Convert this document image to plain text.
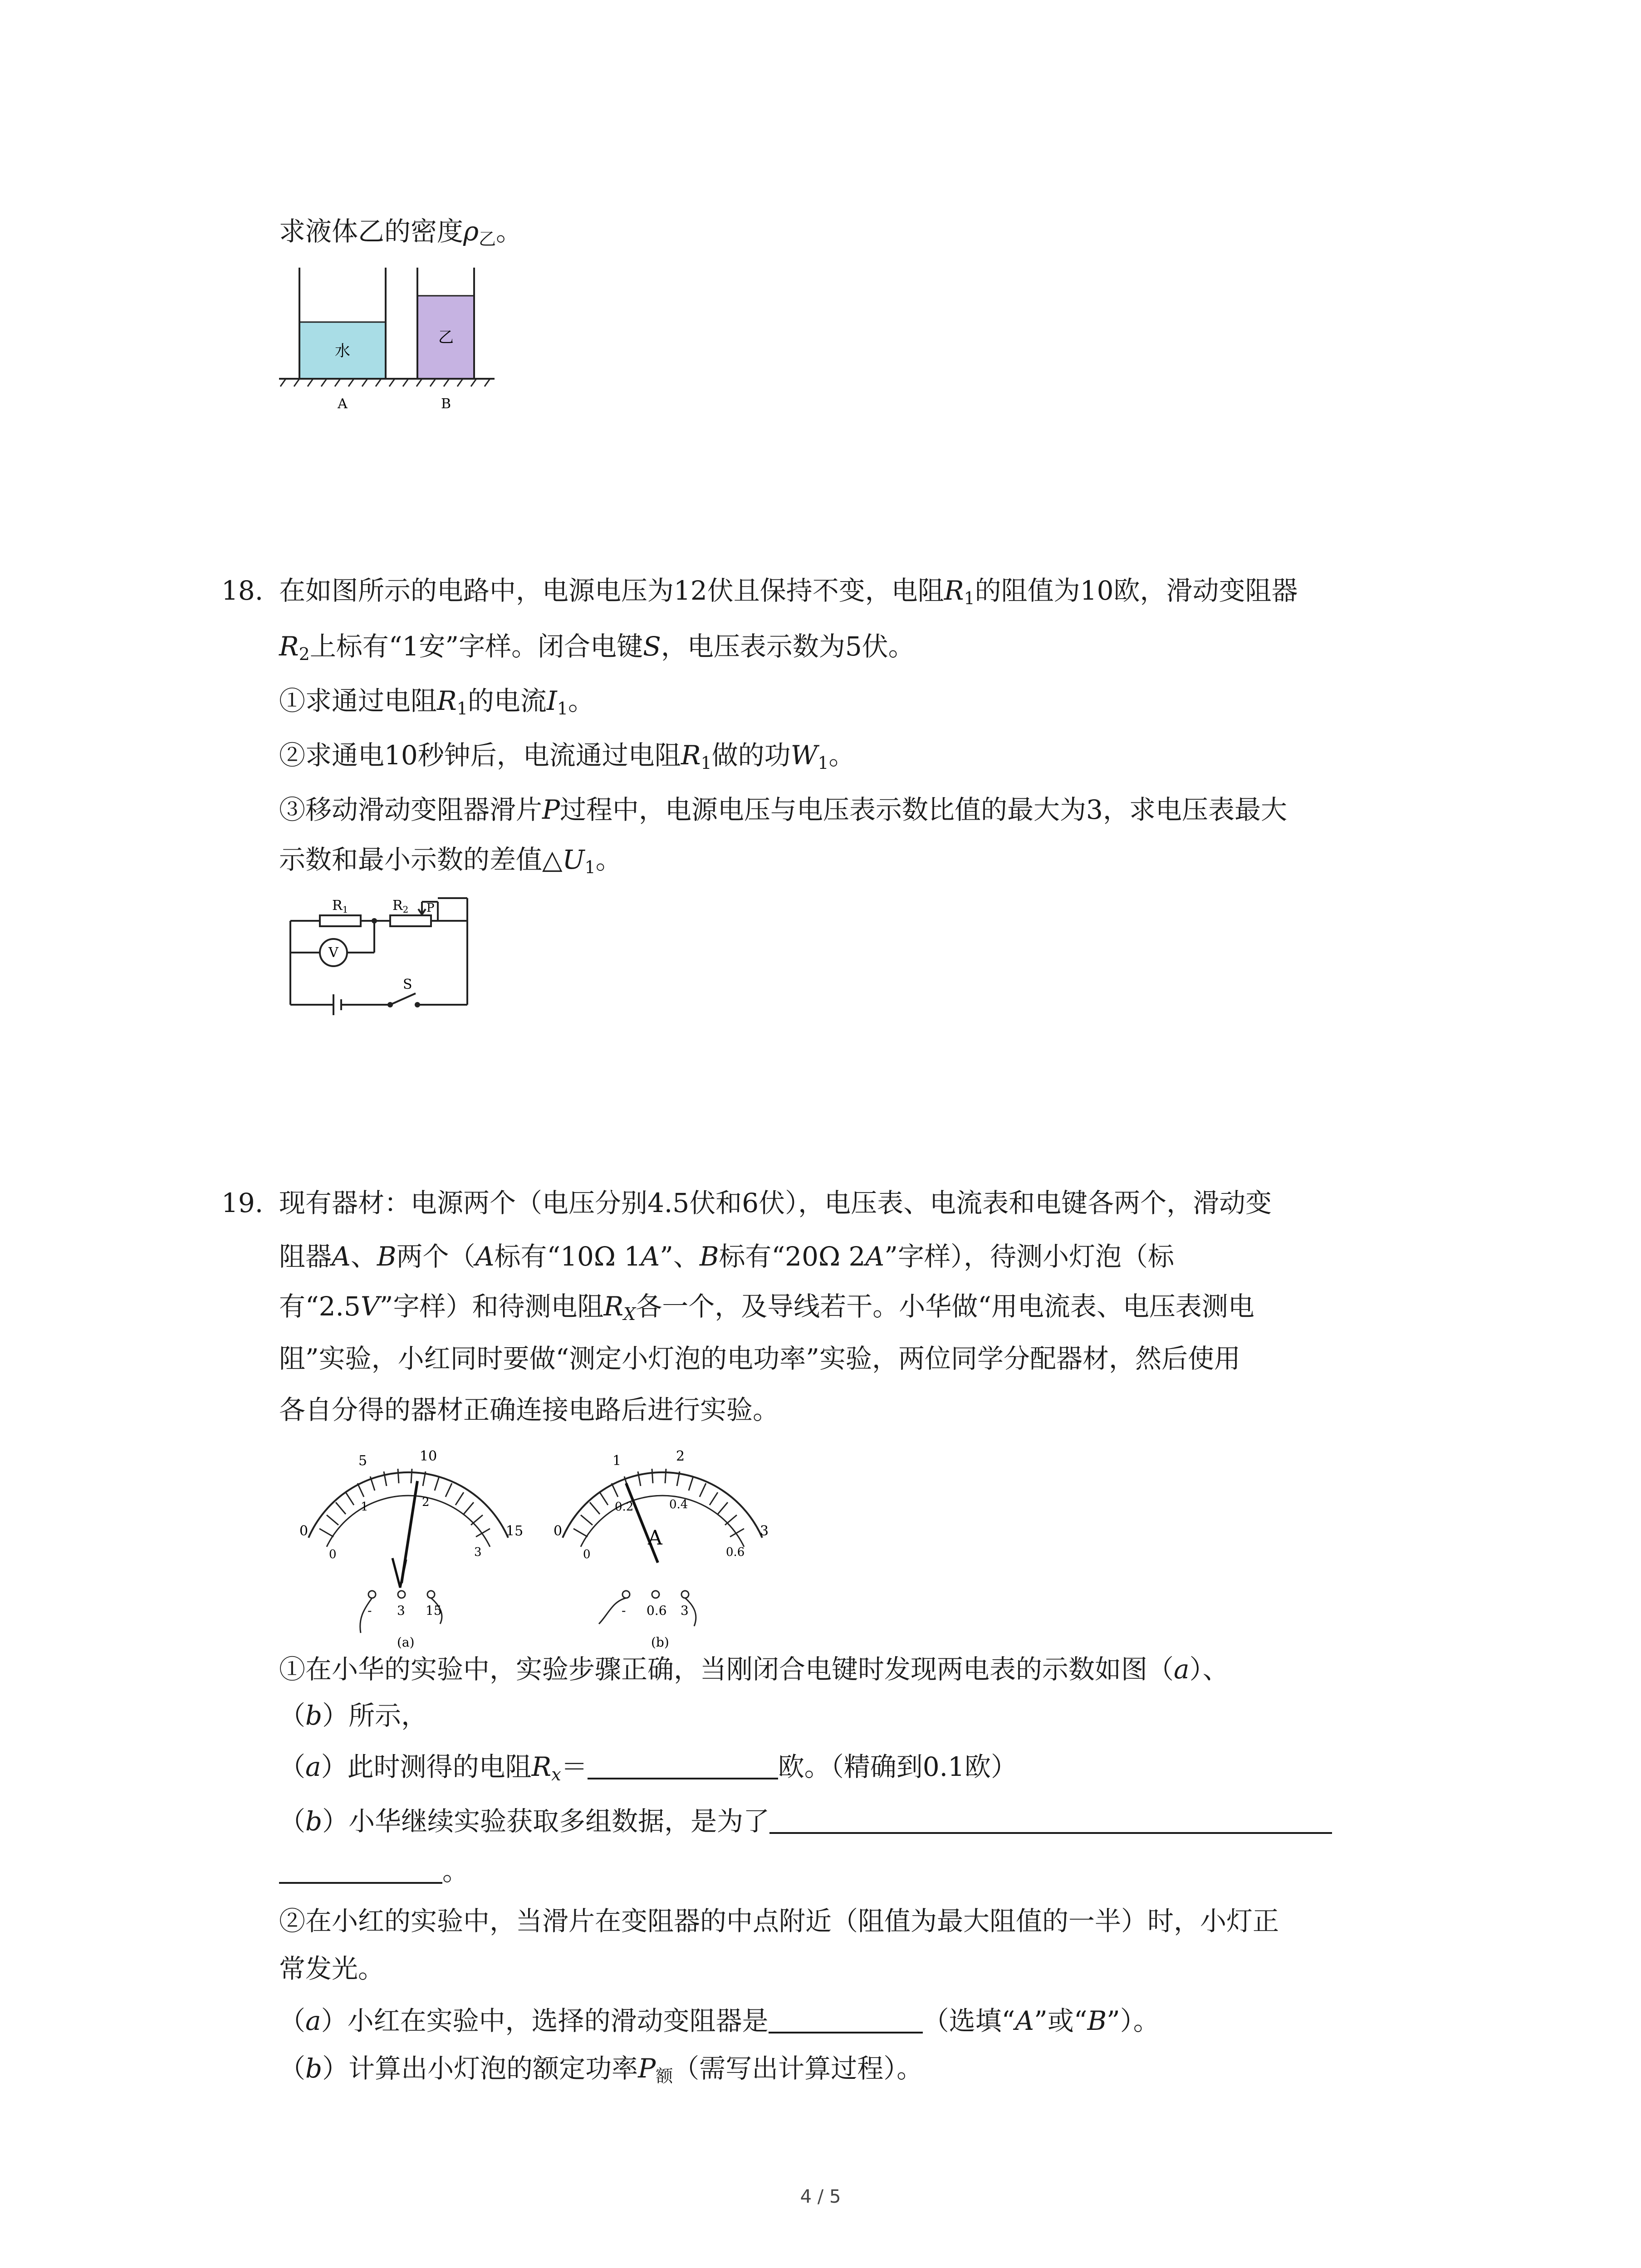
求液体乙的密度$\rho_乙$。
水
乙
A	B
18. 在如图所示的电路中，电源电压为12伏且保持不变，电阻$R_1$的阻值为10欧，滑动变阻器
$R_2$上标有“1安”字样。闭合电键S，电压表示数为5伏。
①求通过电阻$R_1$的电流$I_1$。
②求通电10秒钟后，电流通过电阻$R_1$做的功$W_1$。
③移动滑动变阻器滑片P过程中，电源电压与电压表示数比值的最大为3，求电压表最大
示数和最小示数的差值$\triangle U_1$。
V
$R_1$	$R_2$ P
S
19. 现有器材：电源两个（电压分别4.5伏和6伏），电压表、电流表和电键各两个，滑动变
阻器A、B两个（A标有“10Ω 1A”、B标有“20Ω 2A”字样），待测小灯泡（标
有“2.5V”字样）和待测电阻$R_X$各一个，及导线若干。小华做“用电流表、电压表测电
阻”实验，小红同时要做“测定小灯泡的电功率”实验，两位同学分配器材，然后使用
各自分得的器材正确连接电路后进行实验。
0
5	10
15
0
1	2
3
- 3 15
(a)
0
1	2
3
0
0.2	0.4
0.6
A
- 0.6 3
(b)
①在小华的实验中，实验步骤正确，当刚闭合电键时发现两电表的示数如图（a）、
（b）所示，
（a）此时测得的电阻$R_x=$	欧。（精确到0.1欧）
（b）小华继续实验获取多组数据，是为了
。
②在小红的实验中，当滑片在变阻器的中点附近（阻值为最大阻值的一半）时，小灯正
常发光。
（a）小红在实验中，选择的滑动变阻器是	（选填“A”或“B”）。
（b）计算出小灯泡的额定功率$P_额$（需写出计算过程）。
4 / 5
